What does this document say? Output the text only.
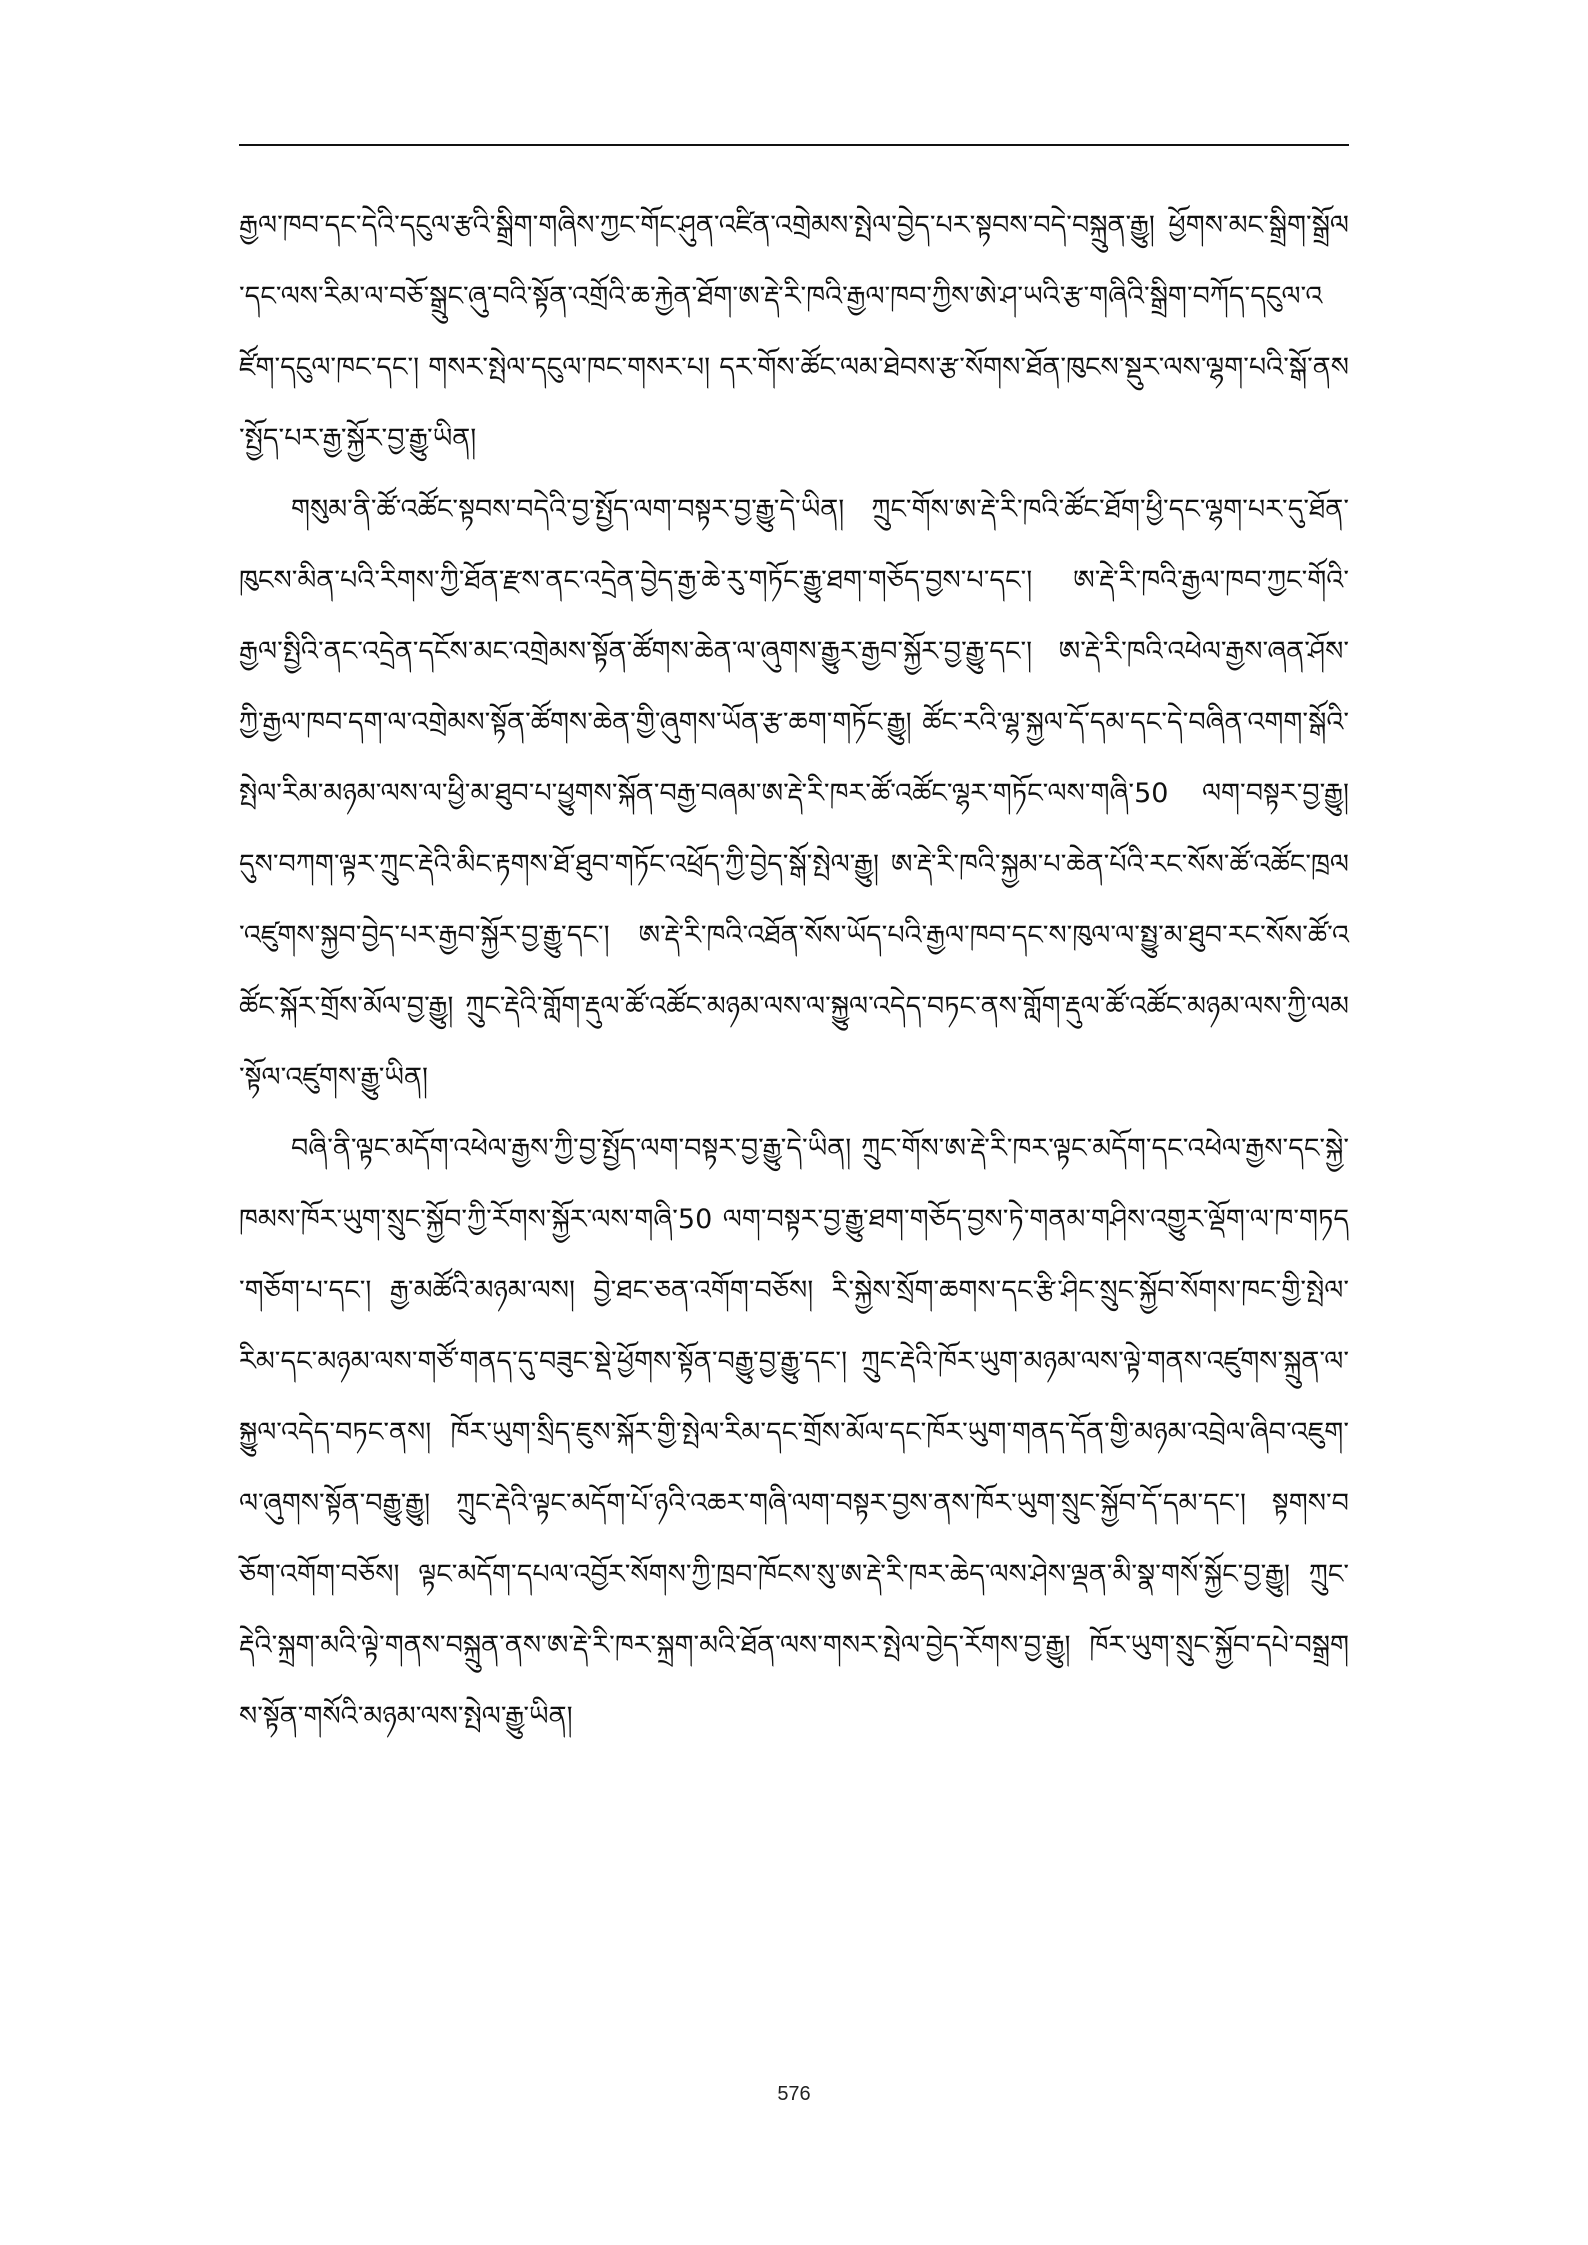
རྒྱལ་ཁབ་དང་དེའི་དངུལ་རྩའི་སྒྲིག་གཞིས་ཀྱང་གོང་ཤུན་འཛིན་འགྲེམས་སྤེལ་བྱེད་པར་སྟབས་བདེ་བསྐྲུན་རྒྱུ། ཕྱོགས་མང་སྒྲིག་སྒྲོལ་དང་ལས་རིམ་ལ་བཅོ་སྒྲུང་ཞུ་བའི་སྟོན་འགྲོའི་ཆ་རྐྱེན་ཐོག་ཨ་རྡེ་རི་ཁའི་རྒྱལ་ཁབ་ཀྱིས་ཨེ་ཤ་ཡའི་རྩ་གཞིའི་སྒྲིག་བཀོད་དངུལ་འཛོག་དངུལ་ཁང་དང་། གསར་སྤེལ་དངུལ་ཁང་གསར་པ། དར་གོས་ཚོང་ལམ་ཐེབས་རྩ་སོགས་ཐོན་ཁུངས་སྡུར་ལས་ལྷག་པའི་སྒོ་ནས་སྤྱོད་པར་རྒྱ་སྐྱོར་བྱ་རྒྱུ་ཡིན།

གསུམ་ནི་ཚོ་འཚོང་སྟབས་བདེའི་བྱ་སྤྱོད་ལག་བསྟར་བྱ་རྒྱུ་དེ་ཡིན། ཀྲུང་གོས་ཨ་རྡེ་རི་ཁའི་ཚོང་ཐོག་ཕྱི་དང་ལྷག་པར་དུ་ཐོན་ཁུངས་མིན་པའི་རིགས་ཀྱི་ཐོན་རྫས་ནང་འདྲེན་བྱེད་རྒྱ་ཆེ་རུ་གཏོང་རྒྱུ་ཐག་གཅོད་བྱས་པ་དང་། ཨ་རྡེ་རི་ཁའི་རྒྱལ་ཁབ་ཀྱང་གོའི་རྒྱལ་སྤྱིའི་ནང་འདྲེན་དངོས་མང་འགྲེམས་སྟོན་ཚོགས་ཆེན་ལ་ཞུགས་རྒྱུར་རྒྱབ་སྐྱོར་བྱ་རྒྱུ་དང་། ཨ་རྡེ་རི་ཁའི་འཕེལ་རྒྱས་ཞན་ཤོས་ཀྱི་རྒྱལ་ཁབ་དག་ལ་འགྲེམས་སྟོན་ཚོགས་ཆེན་གྱི་ཞུགས་ཡོན་རྩ་ཆག་གཏོང་རྒྱུ། ཚོང་རའི་ལྷ་སྐྱལ་དོ་དམ་དང་དེ་བཞིན་འགག་སྒོའི་སྤེལ་རིམ་མཉམ་ལས་ལ་ཕྱི་མ་ཐུབ་པ་ཕྱུགས་སྐོན་བརྒྱ་བཞམ་ཨ་རྡེ་རི་ཁར་ཚོ་འཚོང་ལྷར་གཏོང་ལས་གཞི་50 ལག་བསྟར་བྱ་རྒྱུ། དུས་བཀག་ལྟར་ཀྲུང་རྡེའི་མིང་རྟགས་ཐོ་ཐུབ་གཏོང་འཕྲོད་ཀྱི་བྱེད་སྒོ་སྤེལ་རྒྱུ། ཨ་རྡེ་རི་ཁའི་སྐྱམ་པ་ཆེན་པོའི་རང་སོས་ཚོ་འཚོང་ཁྲལ་འཛུགས་སྐྱབ་བྱེད་པར་རྒྱབ་སྐྱོར་བྱ་རྒྱུ་དང་། ཨ་རྡེ་རི་ཁའི་འཐོན་སོས་ཡོད་པའི་རྒྱལ་ཁབ་དང་ས་ཁུལ་ལ་སྤྱུ་མ་ཐུབ་རང་སོས་ཚོ་འཚོང་སྐོར་གྲོས་མོལ་བྱ་རྒྱུ། ཀྲུང་རྡེའི་གློག་རྡུལ་ཚོ་འཚོང་མཉམ་ལས་ལ་སྐྱུལ་འདེད་བཏང་ནས་གློག་རྡུལ་ཚོ་འཚོང་མཉམ་ལས་ཀྱི་ལམ་སྟོལ་འཛུགས་རྒྱུ་ཡིན།

བཞི་ནི་ལྟང་མདོག་འཕེལ་རྒྱས་ཀྱི་བྱ་སྤྱོད་ལག་བསྟར་བྱ་རྒྱུ་དེ་ཡིན། ཀྲུང་གོས་ཨ་རྡེ་རི་ཁར་ལྟང་མདོག་དང་འཕེལ་རྒྱས་དང་སྐྱེ་ཁམས་ཁོར་ཡུག་སྲུང་སྐྱོབ་ཀྱི་རོགས་སྐྱོར་ལས་གཞི་50 ལག་བསྟར་བྱ་རྒྱུ་ཐག་གཅོད་བྱས་ཏེ་གནམ་གཤིས་འགྱུར་ལྡོག་ལ་ཁ་གཏད་གཅོག་པ་དང་། རྒྱ་མཚོའི་མཉམ་ལས། བྱེ་ཐང་ཅན་འགོག་བཅོས། རི་སྐྱེས་སྲོག་ཆགས་དང་རྩི་ཤིང་སྲུང་སྐྱོབ་སོགས་ཁང་གྱི་སྤེལ་རིམ་དང་མཉམ་ལས་གཙོ་གནད་དུ་བཟུང་སྡེ་ཕྱོགས་སྟོན་བརྒྱུ་བྱ་རྒྱུ་དང་། ཀྲུང་རྡེའི་ཁོར་ཡུག་མཉམ་ལས་ལྟེ་གནས་འཛུགས་སྐྲུན་ལ་སྐྱུལ་འདེད་བཏང་ནས། ཁོར་ཡུག་སྲིད་ཇུས་སྐོར་གྱི་སྤེལ་རིམ་དང་གྲོས་མོལ་དང་ཁོར་ཡུག་གནད་དོན་གྱི་མཉམ་འབྲེལ་ཞིབ་འཇུག་ལ་ཞུགས་སྟོན་བརྒྱུ་རྒྱུ། ཀྲུང་རྡེའི་ལྟང་མདོག་པོ་ཉའི་འཆར་གཞི་ལག་བསྟར་བྱས་ནས་ཁོར་ཡུག་སྲུང་སྐྱོབ་དོ་དམ་དང་། སྟགས་བཅོག་འགོག་བཅོས། ལྟང་མདོག་དཔལ་འབྱོར་སོགས་ཀྱི་ཁྲབ་ཁོངས་སུ་ཨ་རྡེ་རི་ཁར་ཆེད་ལས་ཤེས་ལྡན་མི་སྣ་གསོ་སྐྱོང་བྱ་རྒྱུ། ཀྲུང་རྡེའི་སྐྲག་མའི་ལྟེ་གནས་བསྐྲུན་ནས་ཨ་རྡེ་རི་ཁར་སྐྲག་མའི་ཐོན་ལས་གསར་སྤེལ་བྱེད་རོགས་བྱ་རྒྱུ། ཁོར་ཡུག་སྲུང་སྐྱོབ་དཔེ་བསྒྲགས་སྟོན་གསོའི་མཉམ་ལས་སྤེལ་རྒྱུ་ཡིན།

576
